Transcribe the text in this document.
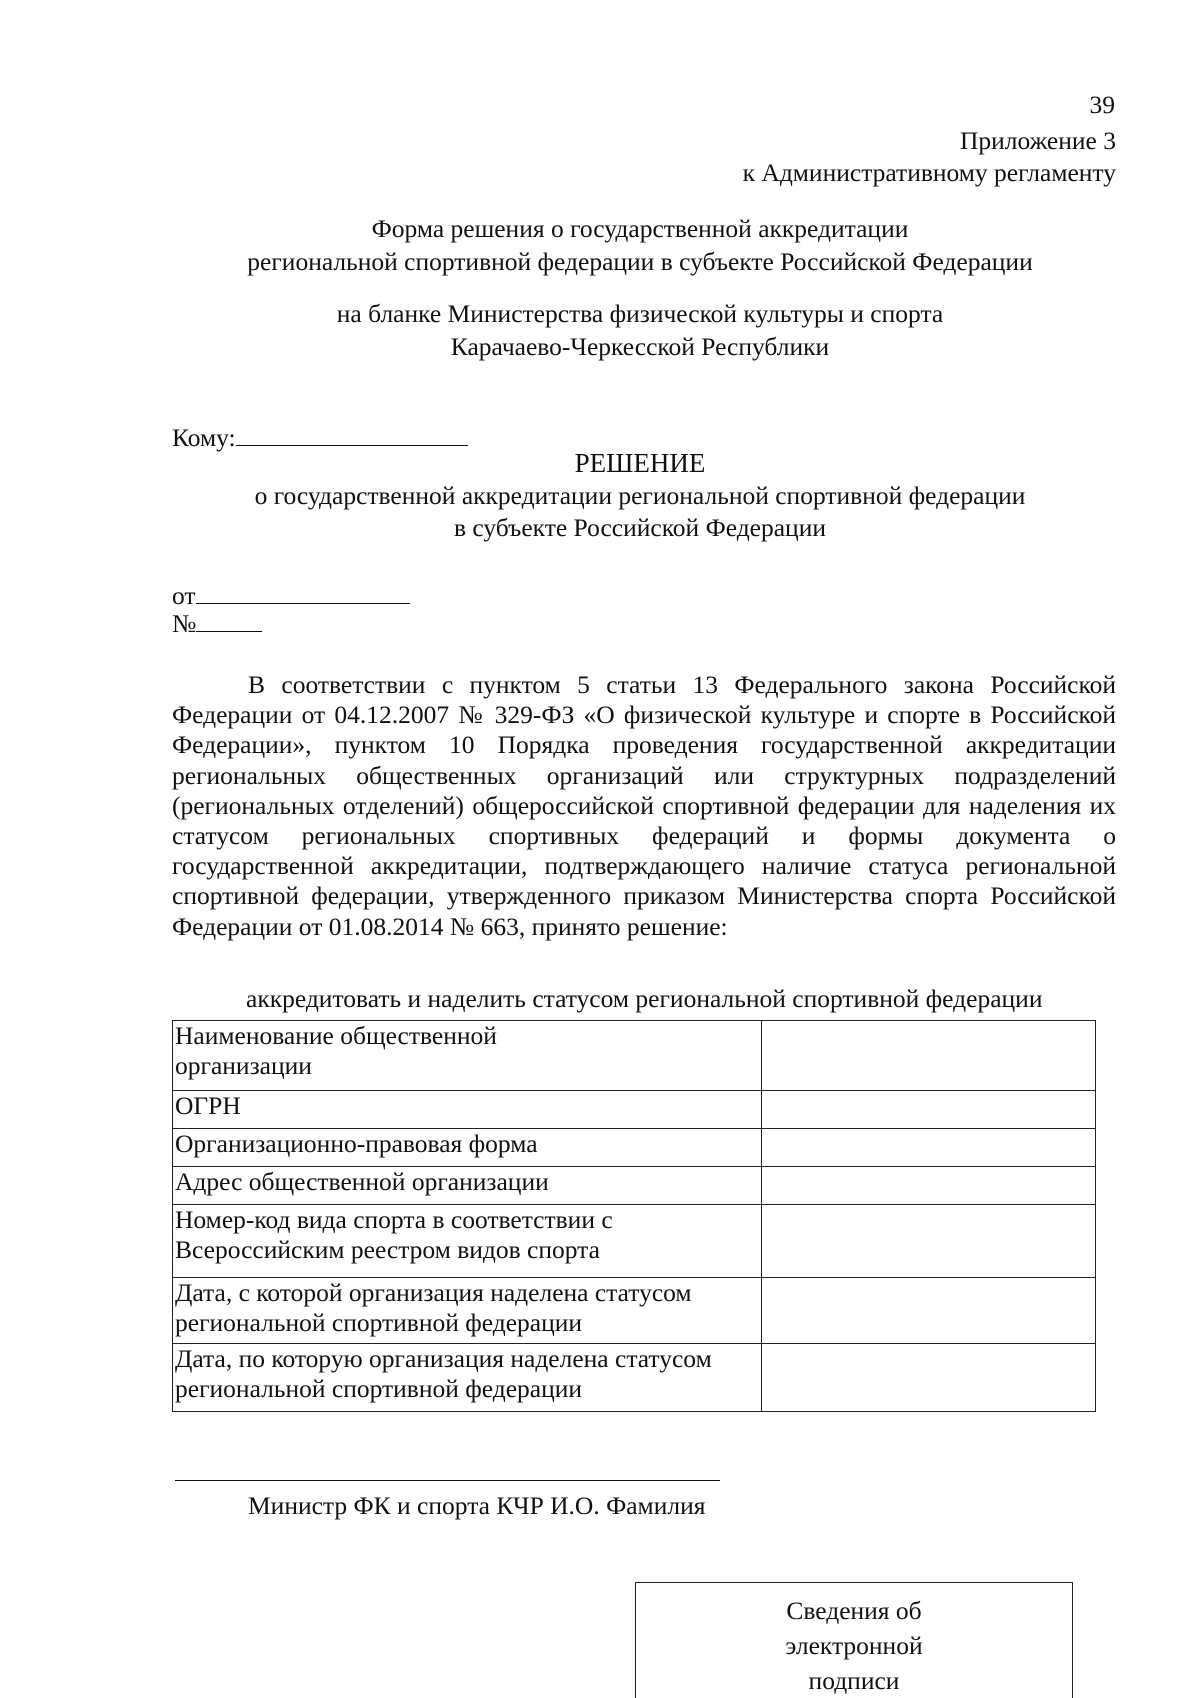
39
Приложение 3
к Административному регламенту
Форма решения о государственной аккредитации
региональной спортивной федерации в субъекте Российской Федерации
на бланке Министерства физической культуры и спорта
Карачаево-Черкесской Республики
Кому:
РЕШЕНИЕ
о государственной аккредитации региональной спортивной федерации
в субъекте Российской Федерации
от
№
В соответствии с пунктом 5 статьи 13 Федерального закона Российской Федерации от 04.12.2007 № 329-ФЗ «О физической культуре и спорте в Российской Федерации», пунктом 10 Порядка проведения государственной аккредитации региональных общественных организаций или структурных подразделений (региональных отделений) общероссийской спортивной федерации для наделения их статусом региональных спортивных федераций и формы документа о государственной аккредитации, подтверждающего наличие статуса региональной спортивной федерации, утвержденного приказом Министерства спорта Российской Федерации от 01.08.2014 № 663, принято решение:
аккредитовать и наделить статусом региональной спортивной федерации
Наименование общественной
организации	

ОГРН	

Организационно-правовая форма	

Адрес общественной организации	

Номер-код вида спорта в соответствии с
Всероссийским реестром видов спорта	

Дата, с которой организация наделена статусом
региональной спортивной федерации	

Дата, по которую организация наделена статусом
региональной спортивной федерации	

Министр ФК и спорта КЧР И.О. Фамилия
Сведения об
электронной
подписи
